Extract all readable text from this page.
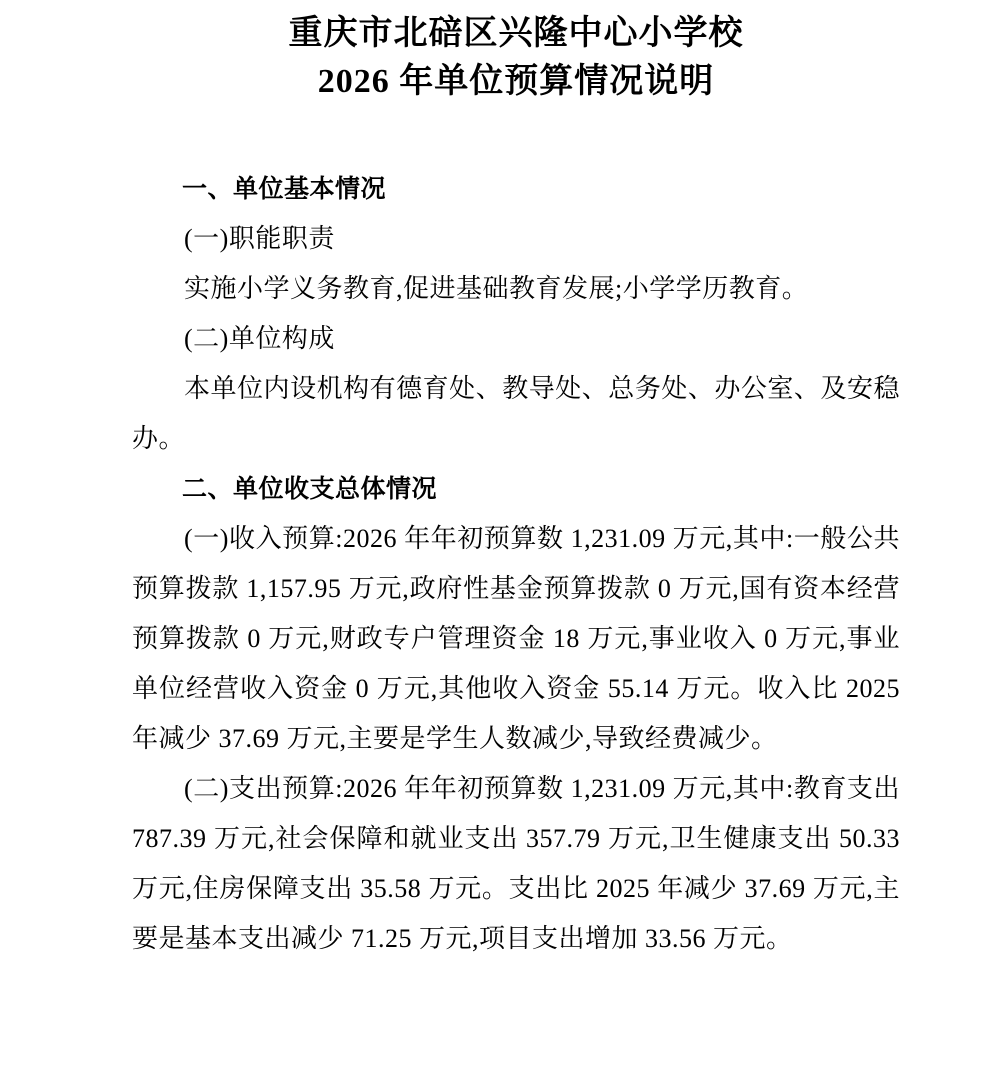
重庆市北碚区兴隆中心小学校
2026 年单位预算情况说明

一、单位基本情况

(一)职能职责

实施小学义务教育,促进基础教育发展;小学学历教育。

(二)单位构成

本单位内设机构有德育处、教导处、总务处、办公室、及安稳办。

二、单位收支总体情况

(一)收入预算:2026 年年初预算数 1,231.09 万元,其中:一般公共预算拨款 1,157.95 万元,政府性基金预算拨款 0 万元,国有资本经营预算拨款 0 万元,财政专户管理资金 18 万元,事业收入 0 万元,事业单位经营收入资金 0 万元,其他收入资金 55.14 万元。收入比 2025 年减少 37.69 万元,主要是学生人数减少,导致经费减少。

(二)支出预算:2026 年年初预算数 1,231.09 万元,其中:教育支出 787.39 万元,社会保障和就业支出 357.79 万元,卫生健康支出 50.33 万元,住房保障支出 35.58 万元。支出比 2025 年减少 37.69 万元,主要是基本支出减少 71.25 万元,项目支出增加 33.56 万元。
